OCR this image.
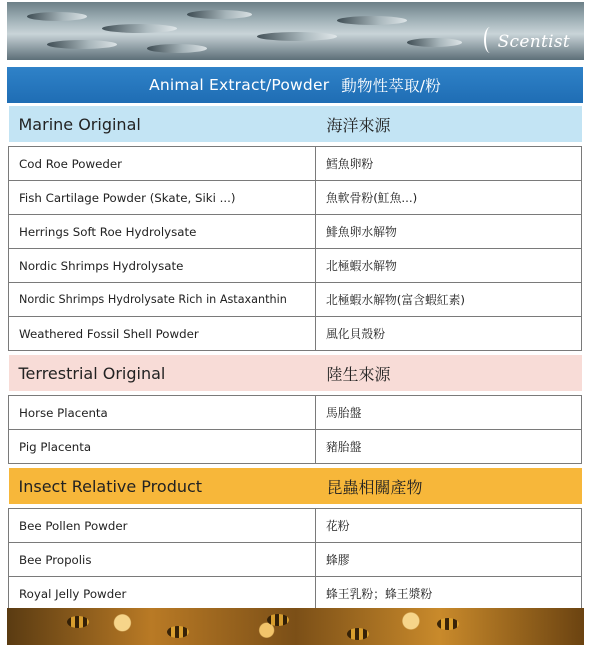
Scentist
Animal Extract/Powder 動物性萃取/粉
Marine Original	海洋來源

Cod Roe Poweder	鱈魚卵粉
Fish Cartilage Powder (Skate, Siki ...)	魚軟骨粉(魟魚...)
Herrings Soft Roe Hydrolysate	鯡魚卵水解物
Nordic Shrimps Hydrolysate	北極蝦水解物
Nordic Shrimps Hydrolysate Rich in Astaxanthin	北極蝦水解物(富含蝦紅素)
Weathered Fossil Shell Powder	風化貝殼粉

Terrestrial Original	陸生來源

Horse Placenta	馬胎盤
Pig Placenta	豬胎盤

Insect Relative Product	昆蟲相關產物

Bee Pollen Powder	花粉
Bee Propolis	蜂膠
Royal Jelly Powder	蜂王乳粉；蜂王漿粉
